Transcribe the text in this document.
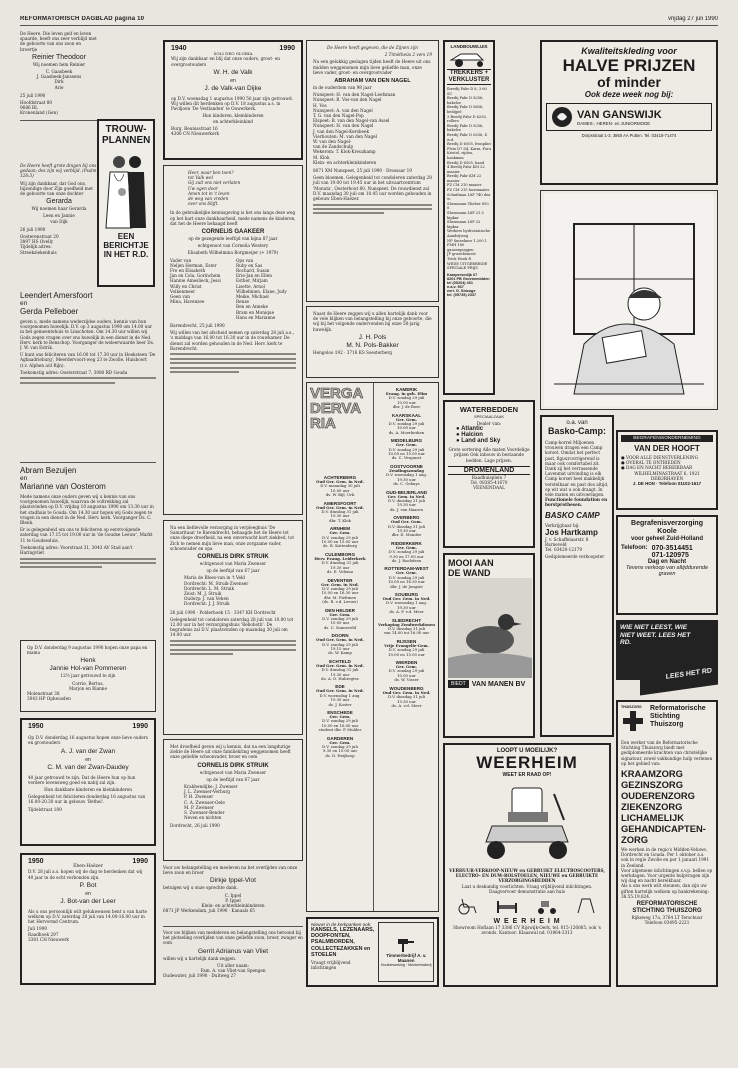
REFORMATORISCH DAGBLAD pagina 10	vrijdag 27 juli 1990

De Heere. Die leven geif en leven spaarde, heeft ons zeer verblijd met de geboorte van ons zoon en broertje

Reinier Theodoor

Wij noemen hem Reinier

C. Gaasbeek
J. Gaasbeek-Janssens
Dirk
Arie

25 juli 1990

Hoofdstraat 80
9686 BL
Kronenland (Gen)

De Heere heeft grote dingen bij ons gedaan; des zijn wij verblijd. (Psalm 126:3)

Wij zijn dankbaar, dat God ons, bijzondige door Zijn goedheid met de geboorte van onze dochter

Gerarda

Wij noemen haar Gerarda

Leen en Jannie
van Dijk

26 juli 1990

Oosterenstraat 20
3897 HS Ovelly
Tijdelijk adres:
Streekziekenhuis
TROUW-PLANNEN
EEN BERICHTJE IN HET R.D.
Leendert Amersfoort
en
Gerda Pelleboer

geven u, mede namens wederzijdse ouders, kennis van hun voorgenomen huwelijk. D.V. op 3 augustus 1990 om 14.00 uur in het gemeentehuis te Linschoten. Om 14.30 uur willen wij Gods zegen vragen over ons huwelijk in een dienst in de Ned. Herv. kerk te Benschop. Voorganger de weleerwaarde heer Ds. J. W. van Estrik.

U kunt ons feliciteren van 16.00 tot 17.30 uur in Hoeksteen 'De Agbaadrieburg', Meerdervoort-weg 23 te Zwolle. Huisboort (t.v. Alphen a/d Rijn).

Toekomstig adres: Oosterstraat 7, 3080 RD Gouda

Abram Bezuijen
en
Marianne van Oosterom

Mede namens onze ouders geven wij u kennis van ons voorgenomen huwelijk, waarvan de voltrekking zal plaatsvinden op D.V. vrijdag 10 augustus 1990 om 13.30 uur in het stadhuis te Gouda. Om 14.30 uur hopen wij Gods zegen te vragen in een dienst in de Ned. Herv. kerk. Voorganger Ds. C. Blenk.

Er is gelegenheid om ons te feliciteren op eerstvolgende zaterdag van 17.15 tot 19.00 uur in 'de Goudse Leeuw', Markt 11 te Goudsesluis.

Toekomstig adres: Voorstraat 31, 3043 AV Stad aan't Haringvliet

Op D.V. donderdag 9 augustus 1990 hopen onze papa en mama

Henk
Jannie Hol-van Pommeren

12½ jaar getrouwd te zijn

Corrie, Bertus,
Marjon en Rianne
Molenstraat 38
3043 HP Opheusden
1950	1990

Op D.V. donderdag 16 augustus hopen onze lieve ouders en grootouders

A. J. van der Zwan
en
C. M. van der Zwan-Daudey

40 jaar getrouwd te zijn. Dat de Heere hun op hun verdere levensweg goed en nabij zal zijn.

Hun dankbare kinderen en kleinkinderen

Gelegenheid tot feliciteren donderdag 16 augustus van 16.00-20.30 uur in gebouw 'Bethel'.

Tijdelstraat 189

1950	1990
Eben-Haëzer

D.V. 28 juli a.s. hopen wij de dag te herdenken dat wij 40 jaar in de echt verbonden zijn.

P. Bot
en
J. Bot-van der Leer

Als u ons persoonlijk wilt gelukwensen bent u van harte welkom op D.V. zaterdag 28 juli van 14.00-16.00 uur in het Hervormd Centrum.

Juli 1990
Raadhoek 297
3381 CH Nieuwerk
1940	1990
SOLI DEO GLORIA

Wij zijn dankbaar en blij dat onze ouders, groot- en overgrootouders

W. H. de Valk
en
J. de Valk-van Dijke

op D.V. woensdag 1 augustus 1990 50 jaar zijn getrouwd. Wij willen dit herdenken op D.V. 18 augustus a.s. in Paviljoen 'De Vestlanden' te Ouwerkerk.

Hun kinderen, kleinkinderen
en achterkleinkind
Burg. Beunisstraat 16
4306 CN Nieuwerkerk
Heer, waar ben toen?
tot Valk wel
Gij zult ons niet verlaten
Uw ogen door
Amen tot in 't leven
de weg van vreden
over ons blijft.

In de gebruikelijke kennisgeving is het ons langs deze weg op het hart onze dankbaarheid, mede namens de kinderen, dat het de Heere behaagd heeft

CORNELIS GAAKEER

op de gezegende leeftijd van bijna 87 jaar

echtgenoot van Cornelia Westery

Elisabeth Wilhelmina Borgmeijer (+ 1979)

Vader van
Neljen Herman, Ester
Fre en Elisabeth
Jan en Cola, Gorinchem
Hannie Ameslieck, Jessi
Willy en Christ
Volkenmeer
Geen van
Mina, Havenzee
Ops van
Ruby en Sas
Rochard, Susan
Erie-Jan en Ellen
Esther, Mirjam
Lisette, Arnol
Wilhelmien, Elane, Judy
Meike, Michael
Renze
Ben en Anneke
Bram en Monique
Hans en Marianne

Barendrecht, 25 juli 1990

Wij willen van het afscheid nemen op zaterdag 28 juli a.s., 's middags van 16.00 tot 16.30 uur in de rouwkamer. De dienst zal worden gehouden in de Ned. Herv. kerk te Barendrecht.

Na een liefdevolle verzorging in verpleeghuis 'De Samaritaan' te Barendrecht, behaagde het de Heere tot onze diepe droefheid, na een onverwacht kort ziekbed, tot Zich te nemen mijn lieve man, onze zorgzame vader, schoonvader en opa

CORNELIS DIRK STRUIK

echtgenoot van Maria Zwenser

op de leeftijd van 67 jaar

Maria de Bloes-van in 't Veld
Dordrecht: M. Struik-Zwenser
Dordrecht: L. M. Struik
Zeist: M. J. Struik
Oudorp: J. van Vehen
Dordrecht: J. J. Struik

26 juli 1990 · Polderhoek 15 · 3347 KH Dordrecht

Gelegenheid tot condoleren zaterdag 28 juli van 10.00 tot 12.00 uur in het verzorgingshuis 'Rehoboth'. De begrafenis zal D.V. plaatsvinden op maandag 30 juli om 14.00 uur.

Met droefheid geven wij u kennis, dat na een langdurige ziekte de Heere uit onze familiekring weggenomen heeft onze geliefde schoonvader, broer en oom

CORNELIS DIRK STRUIK

echtgenoot van Maria Zwenser

op de leeftijd van 67 jaar

Krabbendijke: J. Zwenser
J. L. Zwenser-Verburg
P. H. Zwenser
C. A. Zwenser-Oele
M. P. Zwenser
S. Zwenser-Bender
Neven en nichten

Dordrecht, 26 juli 1990

Voor uw belangstelling en meeleven na het overlijden van onze lieve zoon en broer

Dirkje Ippel-Vlot

betuigen wij u onze oprechte dank.

C. Ippel
P. Ippel
Klein- en achterkleinkinderen

6871 JP Werkendam, juli 1990 · Kanaals 65

Voor uw blijken van medeleven en belangstelling ons betoond bij het plotseling overlijden van onze geliefde zoon, broer, zwager en oom

Gerrit Adrianus van Vliet

willen wij u hartelijk dank zeggen.

Uit aller naam:
Fam. A. van Vliet-van Spengen

Oudewater, juli 1990 · Duitweg 27

De Heere heeft gegeven, die de Zijnen zijn

2 Timótheüs 2 vers 19

Na een gelukkig geslagen tijden heeft de Heere uit ons midden weggenomen mijn lieve geliefde man, onze lieve vader, groot- en overgrootvader

ABRAHAM VAN DEN NAGEL

in de ouderdom van 98 jaar

Nunspeet: H. van den Nagel-Leefsman
Nunspeet: B. Vos-van den Nagel
H. Vos
Nunspeet: A. van den Nagel
T. G. van den Nagel-Pop
Elspeet: B. van den Nagel-van Assel
Nunspeet: H. van den Nagel
J. van den Nagel-Kersbeek
Vierhouten: M. van den Nagel
W. van den Nagel-
van de Zandschulp
Wekerom: T. Klok-Kreuzkamp
M. Klok
Klein- en achterkleinkinderen

8071 XM Nunspeet, 25 juli 1990 · Drossaar 19

Geen bloemen. Gelegenheid tot condoleren zaterdag 28 juli van 19.00 tot 19.45 uur in het uitvaartcentrum 'Monuta', Oosterhout 80, Nunspeet. De rouwdienst zal D.V. maandag 30 juli om 10.45 uur worden gehouden in gebouw Eben-Haëzer.

Naast de Heere zeggen wij u allen hartelijk dank voor de vele blijken van belangstelling bij onze geboorte, die wij bij het volgende ondervonden bij onze 50-jarig huwelijk.

J. H. Pols
M. N. Pols-Bakker

Hengoloo 192 · 3716 KS Soesterberg

VERGADERVARIA
ACHTERBERG
Oud Ger. Gem. in Ned.
D.V. maandag 30 juli
10.00 uur
ds. W. Bijl, Urk
AMERSFOORT
Oud Ger. Gem. in Ned.
D.V. dinsdag 31 juli
19.30 uur
dhr. T. Klok
ARNHEM
Ger. Gem.
D.V. zondag 29 juli
10.00 en 15.00 uur
ds. R. Kattenberg
CULEMBORG
Herv. Evang. Leiderkerk
D.V. dinsdag 31 juli
19.30 uur
ds. E. Velema
DEVENTER
Ger. Gem. in Ned.
D.V. zondag 29 juli
10.00 en 16.30 uur
dhr. M. Pieltmen
(ds. R. v.d. Leeuw)
DEN HELDER
Ger. Gem.
D.V. zondag 29 juli
10.00 uur
ds. C. Sonneveld
DOORN
Oud Ger. Gem. in Ned.
D.V. zondag 29 juli
19.15 uur
ds. W. Kamp
ECHTELD
Oud Ger. Gem. in Ned.
D.V. dinsdag 31 juli
19.30 uur
ds. A. D. Hubregtse
EDE
Oud Ger. Gem. in Ned.
D.V. woensdag 1 aug.
19.30 uur
ds. J. Koster
ENSCHEDE
Ger. Gem.
D.V. zondag 29 juli
10.00 en 16.00 uur
student dhr. P. Mulder
GARDEREN
Ger. Gem.
D.V. zondag 29 juli
9.30 en 15.00 uur
ds. D. Heijkoop
KAMERIK
Evang. in geb. Elim
D.V. zondag 29 juli
10.00 uur
dhr. J. de Boer
KAARSKAAL
Ger. Gem.
D.V. zondag 29 juli
10.00 uur
ds. A. Moerkerken
MIDDELBURG
Ger. Gem.
D.V. zondag 29 juli
10.00 en 15.00 uur
ds. C. Vergunst
OOSTVOORNE
Zendingszondag
D.V. woensdag 1 aug.
19.30 uur
ds. C. Gebuys
OUD-BEIJERLAND
Ger. Gem. in Ned.
D.V. dinsdag 31 juli
19.30 uur
ds. J. van Haaren
OVERBERG
Oud Ger. Gem.
D.V. dinsdag 31 juli
19.30 uur
dhr. D. Mondee
RIDDERKERK
Ger. Gem.
D.V. zondag 29 juli
9.30 en 17.00 uur
ds. J. Roelofsen
ROTTERDAM-WEST
Ger. Gem.
D.V. zondag 29 juli
10.00 en 16.30 uur
dhr. J. de Jongste
SOUBURG
Oud Ger. Gem. in Ned.
D.V. woensdag 1 aug.
19.30 uur
ds. A. F. v.d. Meer
SLIEDRECHT
Verkoping Zendwerkdonen
D.V. dinsdag 31 juli
van 14.00 tot 16.00 uur
RIJSSEN
Vrije Evangelie-Gem.
D.V. zondag 29 juli
10.00 en 15.00 uur
WIERDEN
Ger. Gem.
D.V. zondag 29 juli
10.00 uur
ds. W. Visser
WOUDENBERG
Oud Ger. Gem. in Ned.
D.V. dinsdag 31 juli
19.30 uur
ds. A. v.d. Meer
Nieuw! in de kerkpanken ook:
KANSELS, LEZENAARS, DOOPFONTEN, PSALMBORDEN, COLLECTEZAKKEN en STOELEN
Vraagt vrijblijvend inlichtingen
Timmerbedrijf A. v. Maanen
Houtbewerking · Meubelmakerij
LANDBOUWLUIS
TREKKERS + VERKLUSTER
Ibeedij Fahr D 8, 3 60 SC
Beedij Fahr D 8256, bakelse
Beedij Fahr D 8656, bedijpel
3 Beedij Fahr D 6250, rollers
Beedij Fahr D 8256, bakelse
Beedij Fahr D 6256, 4 w.d.
Beedij D 6505, fronplint
Fleix D7 S4, Karm, Fora
Kristel, rijden, haakman
Beedij D 6505, hand
4 Beedij Fahr KM 22 maaier
Beedij Fahr KM 22 maaier
FZ CM 210 maaier
FZ CM 215 hooimaaier
Schuifman L8P 740 dea w.
Sheumann Vlieber 650 8
Sheumann L8P 21.5 kipkar
Sheumann L8P 22 kipkar
Werkers hydrostatische
Aandrijving
NP Smeelmer 1.200 l.
FMH 180 ganzenpoggen
JP groenbemest
Trick Hook R
WEDE UITGEBREIDE
SPECIALE PRIJS
Kampersedijk 67
8201 PB Groenemidden
tel (05204) 401
n.a.v. 567
eerl. G. Sidzoge
tel. (05735) 2337
WATERBEDDEN
SPECIAALZAAK
Dealer van:
● Atlantic
● Halcion
● Land and Sky
Grote sortering Alle maten Voordelige prijzen Ook inbouw in bestaande bedden. Lage prijzen.
DROMENLAND
Raadhuisplein 7
Tel. 08385-41670
VEENENDAAL
MOOI AAN DE WAND
BIEDT VAN MANEN BV
LOOPT U MOEILIJK?
WEERHEIM
WEET ER RAAD OP!
VERHUUR-VERKOOP-NIEUW en GEBRUIKT ELECTROSCOOTERS, ELECTRO- EN DUW-ROLSTOELEN, NIEUWE en GEBRUIKTE VERZORGINGSBEDDEN
Laat u deskundig voorlichten. Vraag vrijblijvend inlichtingen. Daagvervoer demonstratie aan huis
W E E R H E I M
Showroom Hoflaan 17 3386 CV Rijswijk-Oerk, tel. 015-126065, ook 's avonds. Kantoor: Klaaswal nd. 01864-3313
Kwaliteitskleding voor
HALVE PRIJZEN
of minder
Ook deze week nog bij:
VAN GANSWIJK
DAMES-, HEREN- en JUNIORMODE
Dorpsstraat 1-3, 3860 AA Putten. Tel. 03418-71474
o.a. van
Basko-Camp:
Camp-korrel Miljoenen vrouwen dragen een Camp korset. Omdat het perfect past, figuurcorrigerend is maar ook comfortabel zit.
Dank zij het verrassende Lavenmat uitvinding is elk Camp korset heel makkelijk verstelbaar en past dus altijd, op wit wat u ook draagt. In vele maten en uitvoeringen.
Functionele foundation en borstprothesen.
BASKO CAMP
Verkrijgbaar bij:
Jos Hartkamp
J. v. Schaffelaarstr. 8
Barneveld
Tel. 03420-12179
Gediplomeerde verkoopster
BEGRAFENISONDERNEMING
VAN DER HOOFT
● VOOR ALLE DIENSTVERLENING
● OVERAL TE ONTBIEDEN
● DAG EN NACHT BEREIKBAAR
WILHELMINASTRAAT 6, 1921 DEKORHAVEN
J. DE HON · Telefoon 01102-1617
Begrafenisverzorging Koole
voor geheel Zuid-Holland
Telefoon: 070-3514451
071-120975
Dag en Nacht
Tevens verkoop van altijddurende graven
WIE NIET LEEST, WIE NIET WEET. LEES HET RD.
LEES HET RD
THUISZORG	Reformatorische Stichting Thuiszorg
Een werker van de Reformatorische Stichting Thuiszorg biedt met gediplomeerde krachten van christelijke signatuur, zowel vakkundige hulp verlenen op het gebied van:
KRAAMZORG
GEZINSZORG
OUDERENZORG
ZIEKENZORG
LICHAMELIJK
GEHANDICAPTEN-
ZORG
We werken in de regio's Midden-Veluwe, Dordrecht en Gouda. Per 1 oktober a.s. ook in regio Zwolle en per 1 januari 1991 in Zeeland.
Voor algemene inlichtingen s.v.p. bellen op werkdagen. Voor urgente hulpvragen zijn wij dag en nacht bereikbaar.
Als u ons werk wilt steunen, dan zijn uw giften hartelijk welkom op bankrekening: 38.55.19.824.
REFORMATORISCHE STICHTING THUISZORG
Rijksweg 17a, 3764 LT Terschuur
Telefoon 03495-2221
